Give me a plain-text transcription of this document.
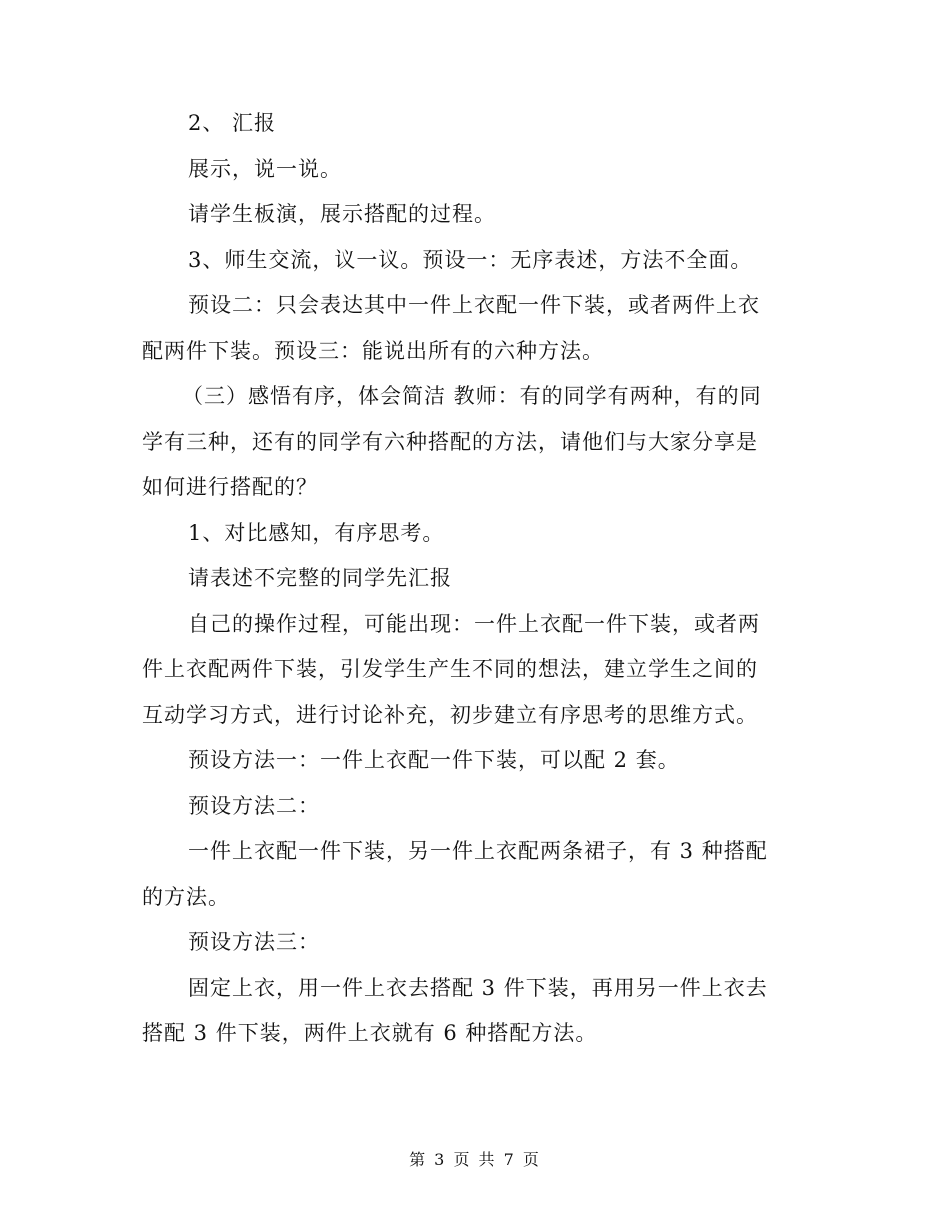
2、 汇报
展示，说一说。
请学生板演，展示搭配的过程。
3、师生交流，议一议。预设一：无序表述，方法不全面。
预设二：只会表达其中一件上衣配一件下装，或者两件上衣
配两件下装。预设三：能说出所有的六种方法。
（三）感悟有序，体会简洁 教师：有的同学有两种，有的同
学有三种，还有的同学有六种搭配的方法，请他们与大家分享是
如何进行搭配的？
1、对比感知，有序思考。
请表述不完整的同学先汇报
自己的操作过程，可能出现：一件上衣配一件下装，或者两
件上衣配两件下装，引发学生产生不同的想法，建立学生之间的
互动学习方式，进行讨论补充，初步建立有序思考的思维方式。
预设方法一：一件上衣配一件下装，可以配 2 套。
预设方法二：
一件上衣配一件下装，另一件上衣配两条裙子，有 3 种搭配
的方法。
预设方法三：
固定上衣，用一件上衣去搭配 3 件下装，再用另一件上衣去
搭配 3 件下装，两件上衣就有 6 种搭配方法。
第 3 页 共 7 页
